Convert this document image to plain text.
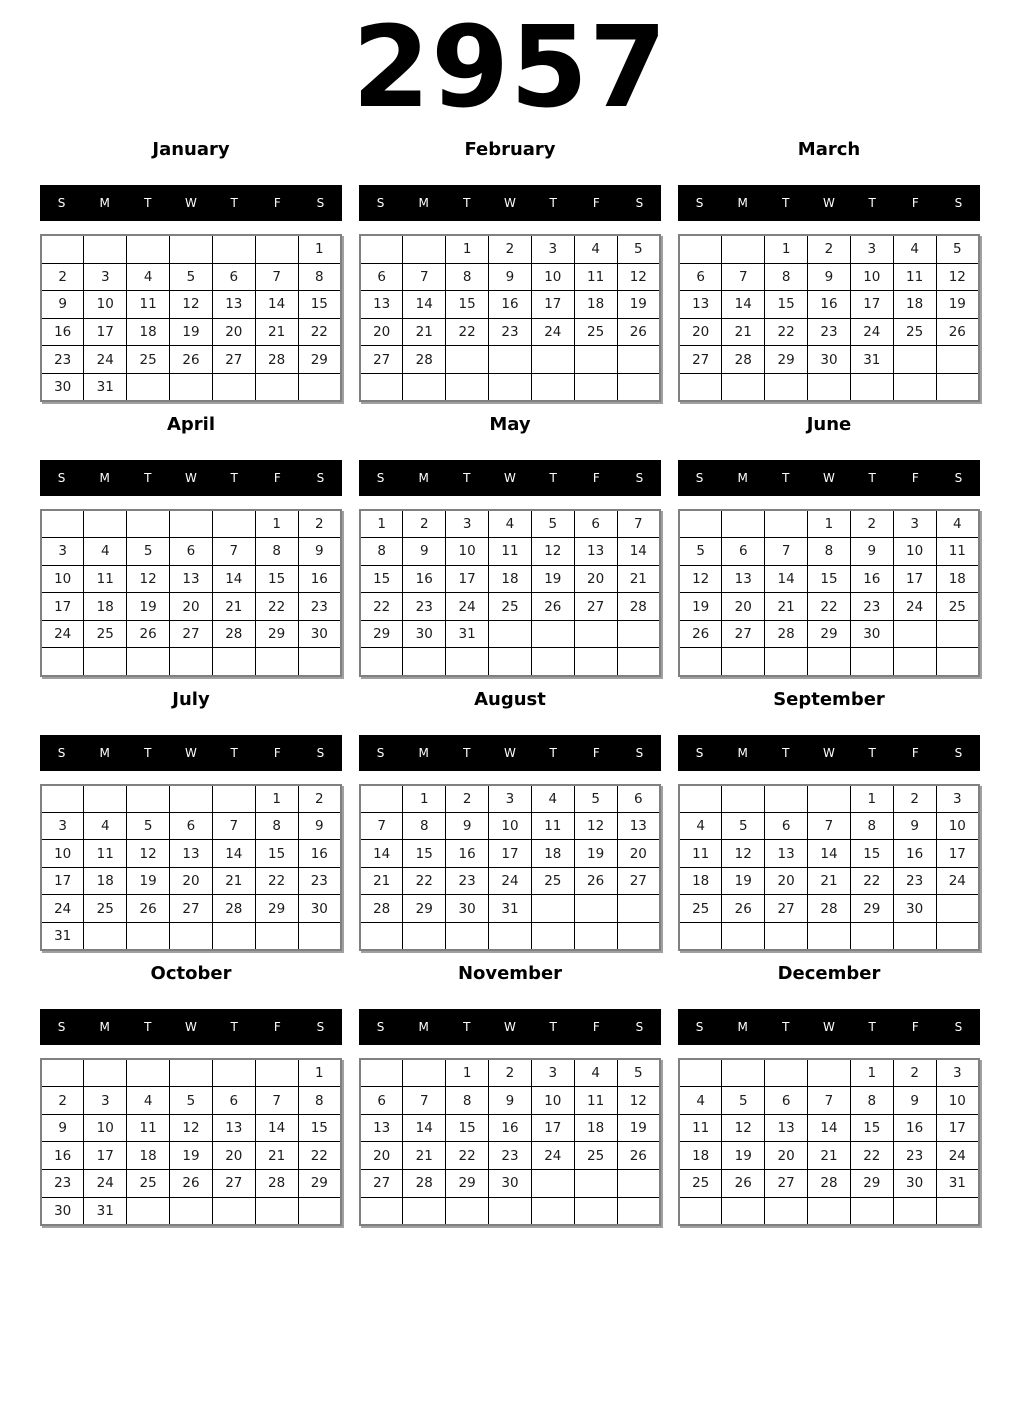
2957
January
S	M	T	W	T	F	S
						1
2	3	4	5	6	7	8
9	10	11	12	13	14	15
16	17	18	19	20	21	22
23	24	25	26	27	28	29
30	31					
February
S	M	T	W	T	F	S
		1	2	3	4	5
6	7	8	9	10	11	12
13	14	15	16	17	18	19
20	21	22	23	24	25	26
27	28					

March
S	M	T	W	T	F	S
		1	2	3	4	5
6	7	8	9	10	11	12
13	14	15	16	17	18	19
20	21	22	23	24	25	26
27	28	29	30	31		

April
S	M	T	W	T	F	S
					1	2
3	4	5	6	7	8	9
10	11	12	13	14	15	16
17	18	19	20	21	22	23
24	25	26	27	28	29	30

May
S	M	T	W	T	F	S
1	2	3	4	5	6	7
8	9	10	11	12	13	14
15	16	17	18	19	20	21
22	23	24	25	26	27	28
29	30	31				

June
S	M	T	W	T	F	S
			1	2	3	4
5	6	7	8	9	10	11
12	13	14	15	16	17	18
19	20	21	22	23	24	25
26	27	28	29	30		

July
S	M	T	W	T	F	S
					1	2
3	4	5	6	7	8	9
10	11	12	13	14	15	16
17	18	19	20	21	22	23
24	25	26	27	28	29	30
31						
August
S	M	T	W	T	F	S
	1	2	3	4	5	6
7	8	9	10	11	12	13
14	15	16	17	18	19	20
21	22	23	24	25	26	27
28	29	30	31			

September
S	M	T	W	T	F	S
				1	2	3
4	5	6	7	8	9	10
11	12	13	14	15	16	17
18	19	20	21	22	23	24
25	26	27	28	29	30	

October
S	M	T	W	T	F	S
						1
2	3	4	5	6	7	8
9	10	11	12	13	14	15
16	17	18	19	20	21	22
23	24	25	26	27	28	29
30	31					
November
S	M	T	W	T	F	S
		1	2	3	4	5
6	7	8	9	10	11	12
13	14	15	16	17	18	19
20	21	22	23	24	25	26
27	28	29	30			

December
S	M	T	W	T	F	S
				1	2	3
4	5	6	7	8	9	10
11	12	13	14	15	16	17
18	19	20	21	22	23	24
25	26	27	28	29	30	31
